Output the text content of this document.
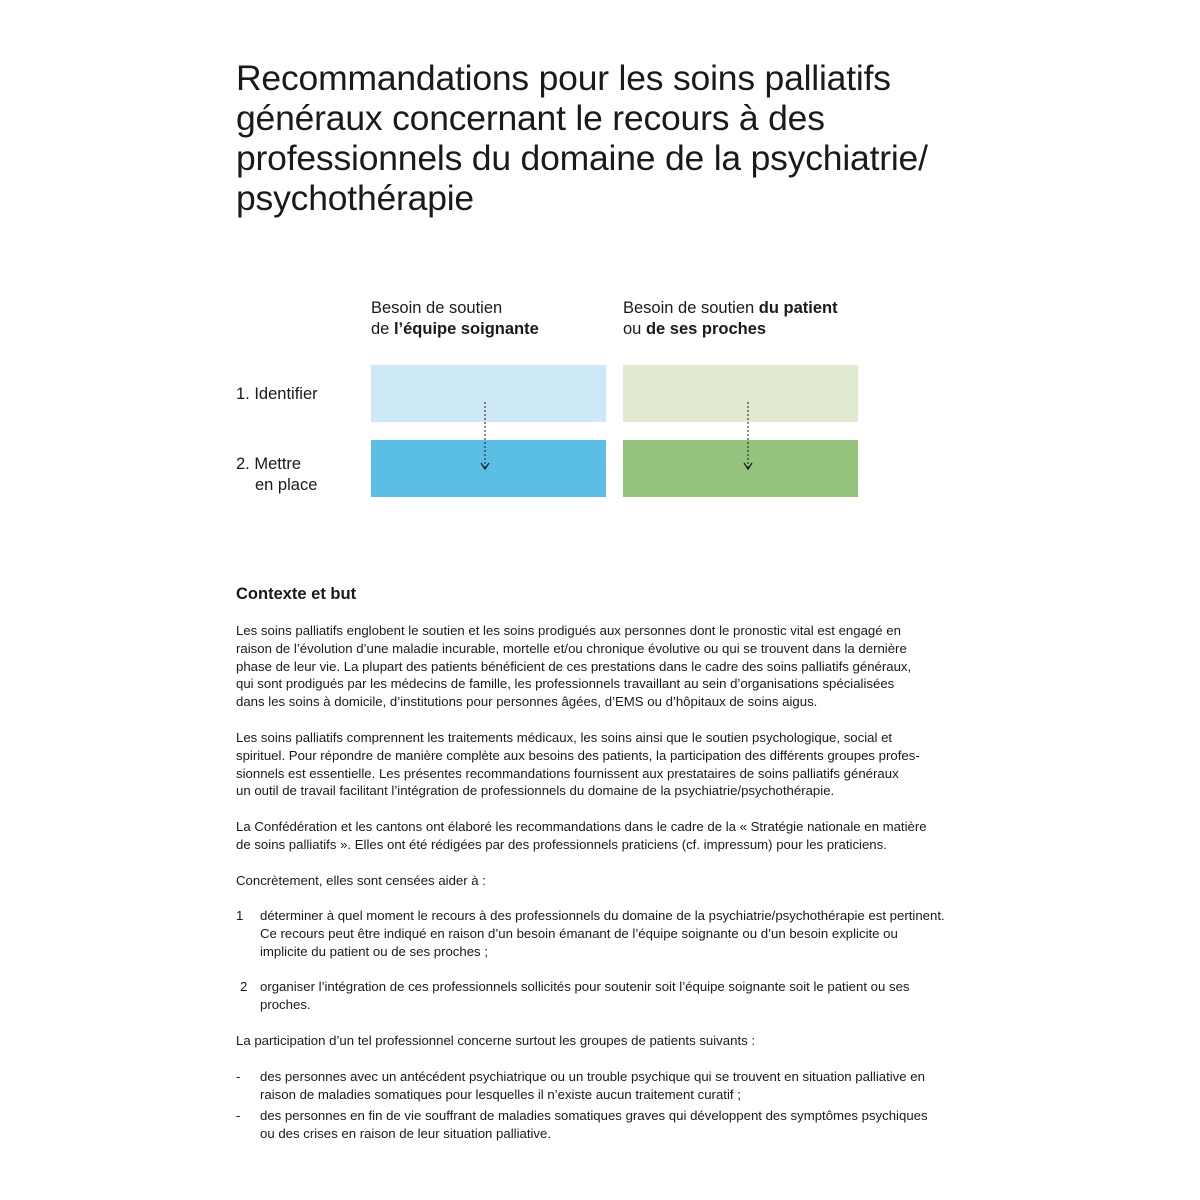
Recommandations pour les soins palliatifs
généraux concernant le recours à des
professionnels du domaine de la psychiatrie/
psychothérapie
Besoin de soutien
de l’équipe soignante
Besoin de soutien du patient
ou de ses proches
1. Identifier
2. Mettre
en place
Contexte et but
Les soins palliatifs englobent le soutien et les soins prodigués aux personnes dont le pronostic vital est engagé en
raison de l’évolution d’une maladie incurable, mortelle et/ou chronique évolutive ou qui se trouvent dans la dernière
phase de leur vie. La plupart des patients bénéficient de ces prestations dans le cadre des soins palliatifs généraux,
qui sont prodigués par les médecins de famille, les professionnels travaillant au sein d’organisations spécialisées
dans les soins à domicile, d’institutions pour personnes âgées, d’EMS ou d’hôpitaux de soins aigus.
Les soins palliatifs comprennent les traitements médicaux, les soins ainsi que le soutien psychologique, social et
spirituel. Pour répondre de manière complète aux besoins des patients, la participation des différents groupes profes-
sionnels est essentielle. Les présentes recommandations fournissent aux prestataires de soins palliatifs généraux
un outil de travail facilitant l’intégration de professionnels du domaine de la psychiatrie/psychothérapie.
La Confédération et les cantons ont élaboré les recommandations dans le cadre de la « Stratégie nationale en matière
de soins palliatifs ». Elles ont été rédigées par des professionnels praticiens (cf. impressum) pour les praticiens.
Concrètement, elles sont censées aider à :
1 déterminer à quel moment le recours à des professionnels du domaine de la psychiatrie/psychothérapie est pertinent.
Ce recours peut être indiqué en raison d’un besoin émanant de l’équipe soignante ou d’un besoin explicite ou
implicite du patient ou de ses proches ;
2 organiser l’intégration de ces professionnels sollicités pour soutenir soit l’équipe soignante soit le patient ou ses
proches.
La participation d’un tel professionnel concerne surtout les groupes de patients suivants :
- des personnes avec un antécédent psychiatrique ou un trouble psychique qui se trouvent en situation palliative en
raison de maladies somatiques pour lesquelles il n’existe aucun traitement curatif ;
- des personnes en fin de vie souffrant de maladies somatiques graves qui développent des symptômes psychiques
ou des crises en raison de leur situation palliative.
